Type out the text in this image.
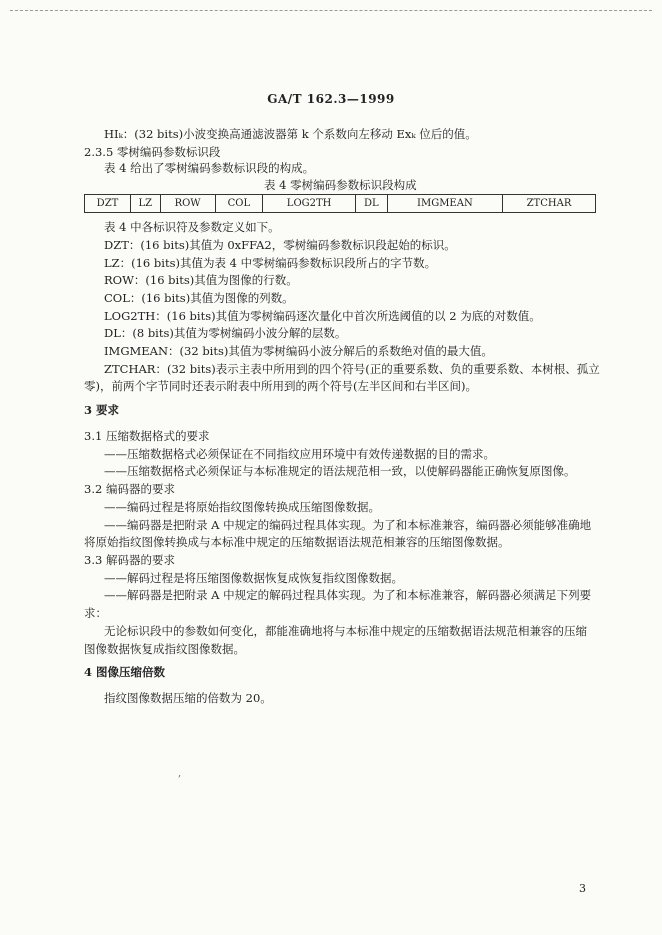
GA/T 162.3—1999
HIₖ：(32 bits)小波变换高通滤波器第 k 个系数向左移动 Exₖ 位后的值。
2.3.5 零树编码参数标识段
表 4 给出了零树编码参数标识段的构成。
表 4 零树编码参数标识段构成
DZT	LZ	ROW	COL	LOG2TH	DL	IMGMEAN	ZTCHAR
表 4 中各标识符及参数定义如下。
DZT：(16 bits)其值为 0xFFA2，零树编码参数标识段起始的标识。
LZ：(16 bits)其值为表 4 中零树编码参数标识段所占的字节数。
ROW：(16 bits)其值为图像的行数。
COL：(16 bits)其值为图像的列数。
LOG2TH：(16 bits)其值为零树编码逐次量化中首次所选阈值的以 2 为底的对数值。
DL：(8 bits)其值为零树编码小波分解的层数。
IMGMEAN：(32 bits)其值为零树编码小波分解后的系数绝对值的最大值。
ZTCHAR：(32 bits)表示主表中所用到的四个符号(正的重要系数、负的重要系数、本树根、孤立
零)，前两个字节同时还表示附表中所用到的两个符号(左半区间和右半区间)。
3 要求
3.1 压缩数据格式的要求
——压缩数据格式必须保证在不同指纹应用环境中有效传递数据的目的需求。
——压缩数据格式必须保证与本标准规定的语法规范相一致，以使解码器能正确恢复原图像。
3.2 编码器的要求
——编码过程是将原始指纹图像转换成压缩图像数据。
——编码器是把附录 A 中规定的编码过程具体实现。为了和本标准兼容，编码器必须能够准确地
将原始指纹图像转换成与本标准中规定的压缩数据语法规范相兼容的压缩图像数据。
3.3 解码器的要求
——解码过程是将压缩图像数据恢复成恢复指纹图像数据。
——解码器是把附录 A 中规定的解码过程具体实现。为了和本标准兼容，解码器必须满足下列要
求：
无论标识段中的参数如何变化，都能准确地将与本标准中规定的压缩数据语法规范相兼容的压缩
图像数据恢复成指纹图像数据。
4 图像压缩倍数
指纹图像数据压缩的倍数为 20。
,
3
